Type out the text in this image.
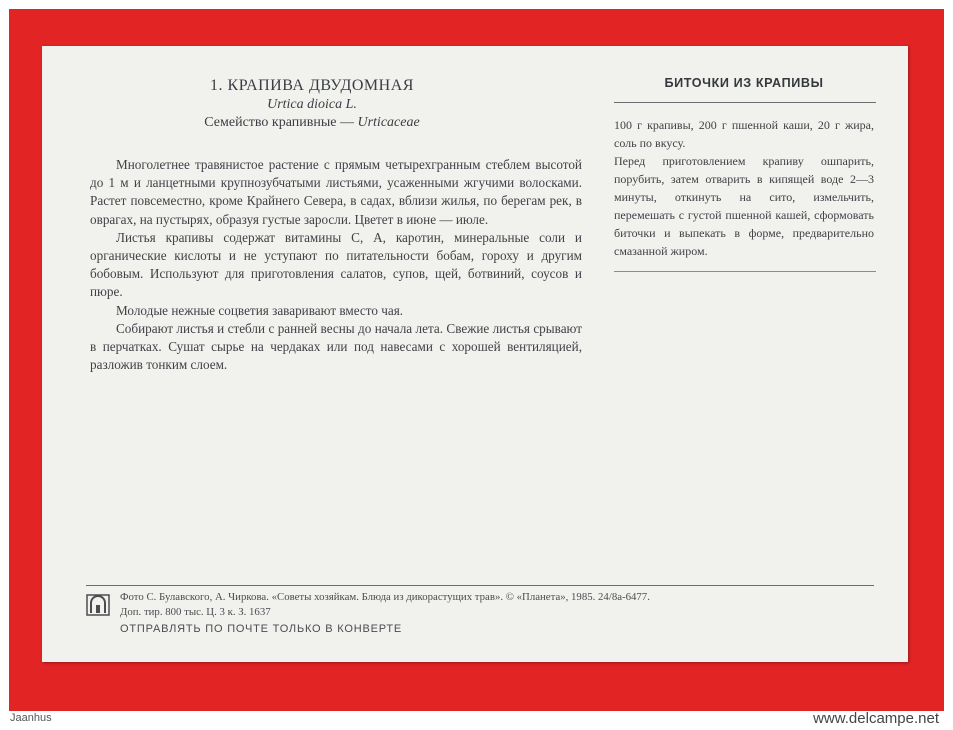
1. КРАПИВА ДВУДОМНАЯ

Urtica dioica L.

Семейство крапивные — Urticaceae

Многолетнее травянистое растение с прямым четырехгранным стеблем высотой до 1 м и ланцетными крупнозубчатыми листьями, усаженными жгучими волосками. Растет повсеместно, кроме Крайнего Севера, в садах, вблизи жилья, по берегам рек, в оврагах, на пустырях, образуя густые заросли. Цветет в июне — июле.

Листья крапивы содержат витамины С, А, каротин, минеральные соли и органические кислоты и не уступают по питательности бобам, гороху и другим бобовым. Используют для приготовления салатов, супов, щей, ботвиний, соусов и пюре.

Молодые нежные соцветия заваривают вместо чая.

Собирают листья и стебли с ранней весны до начала лета. Свежие листья срывают в перчатках. Сушат сырье на чердаках или под навесами с хорошей вентиляцией, разложив тонким слоем.

БИТОЧКИ ИЗ КРАПИВЫ

100 г крапивы, 200 г пшенной каши, 20 г жира, соль по вкусу.

Перед приготовлением крапиву ошпарить, порубить, затем отварить в кипящей воде 2—3 минуты, откинуть на сито, измельчить, перемешать с густой пшенной кашей, сформовать биточки и выпекать в форме, предварительно смазанной жиром.

Фото С. Булавского, А. Чиркова. «Советы хозяйкам. Блюда из дикорастущих трав». © «Планета», 1985. 24/8а-6477.
Доп. тир. 800 тыс. Ц. 3 к. З. 1637
ОТПРАВЛЯТЬ ПО ПОЧТЕ ТОЛЬКО В КОНВЕРТЕ
Jaanhus	www.delcampe.net
